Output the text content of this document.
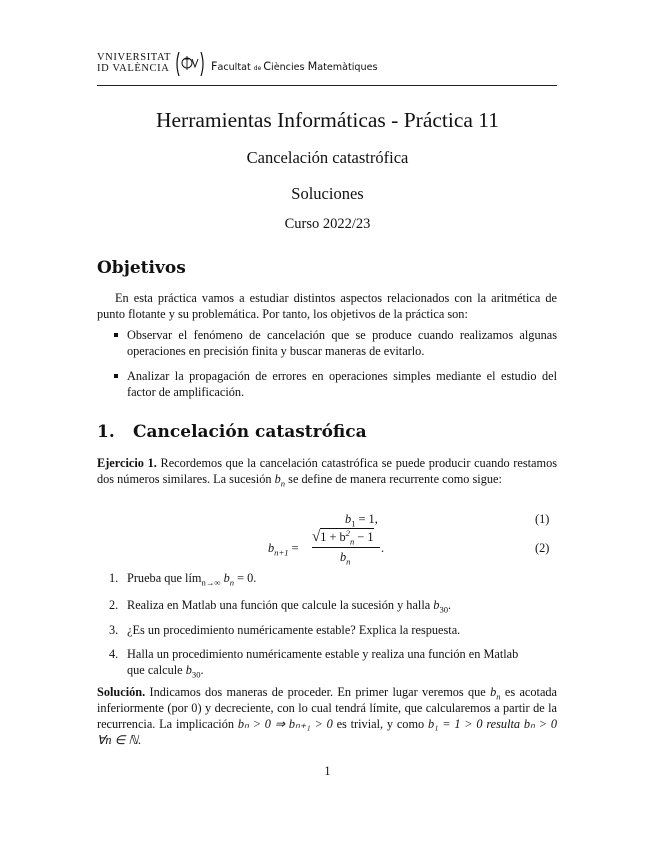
VNIVERSITAT
ID VALÈNCIA	Facultat de Ciències Matemàtiques
Herramientas Informáticas - Práctica 11
Cancelación catastrófica
Soluciones
Curso 2022/23
Objetivos
En esta práctica vamos a estudiar distintos aspectos relacionados con la aritmética de punto flotante y su problemática. Por tanto, los objetivos de la práctica son:
Observar el fenómeno de cancelación que se produce cuando realizamos algunas operaciones en precisión finita y buscar maneras de evitarlo.
Analizar la propagación de errores en operaciones simples mediante el estudio del factor de amplificación.
1. Cancelación catastrófica
Ejercicio 1. Recordemos que la cancelación catastrófica se puede producir cuando restamos dos números similares. La sucesión $b_n$ se define de manera recurrente como sigue:
$b_1 = 1$,	(1)
$b_{n+1}$ =
$√1 + b^2_n - 1$
$b_n$
.	(2)
1. Prueba que lím$_{n\to\infty}$ $b_n = 0$.
2. Realiza en Matlab una función que calcule la sucesión y halla $b_{30}$.
3. ¿Es un procedimiento numéricamente estable? Explica la respuesta.
4. Halla un procedimiento numéricamente estable y realiza una función en Matlab
que calcule $b_{30}$.
Solución. Indicamos dos maneras de proceder. En primer lugar veremos que $b_n$ es acotada inferiormente (por 0) y decreciente, con lo cual tendrá límite, que calcularemos a partir de la recurrencia. La implicación bₙ > 0 ⇒ bₙ₊₁ > 0 es trivial, y como b₁ = 1 > 0 resulta bₙ > 0 ∀n ∈ ℕ.
1
